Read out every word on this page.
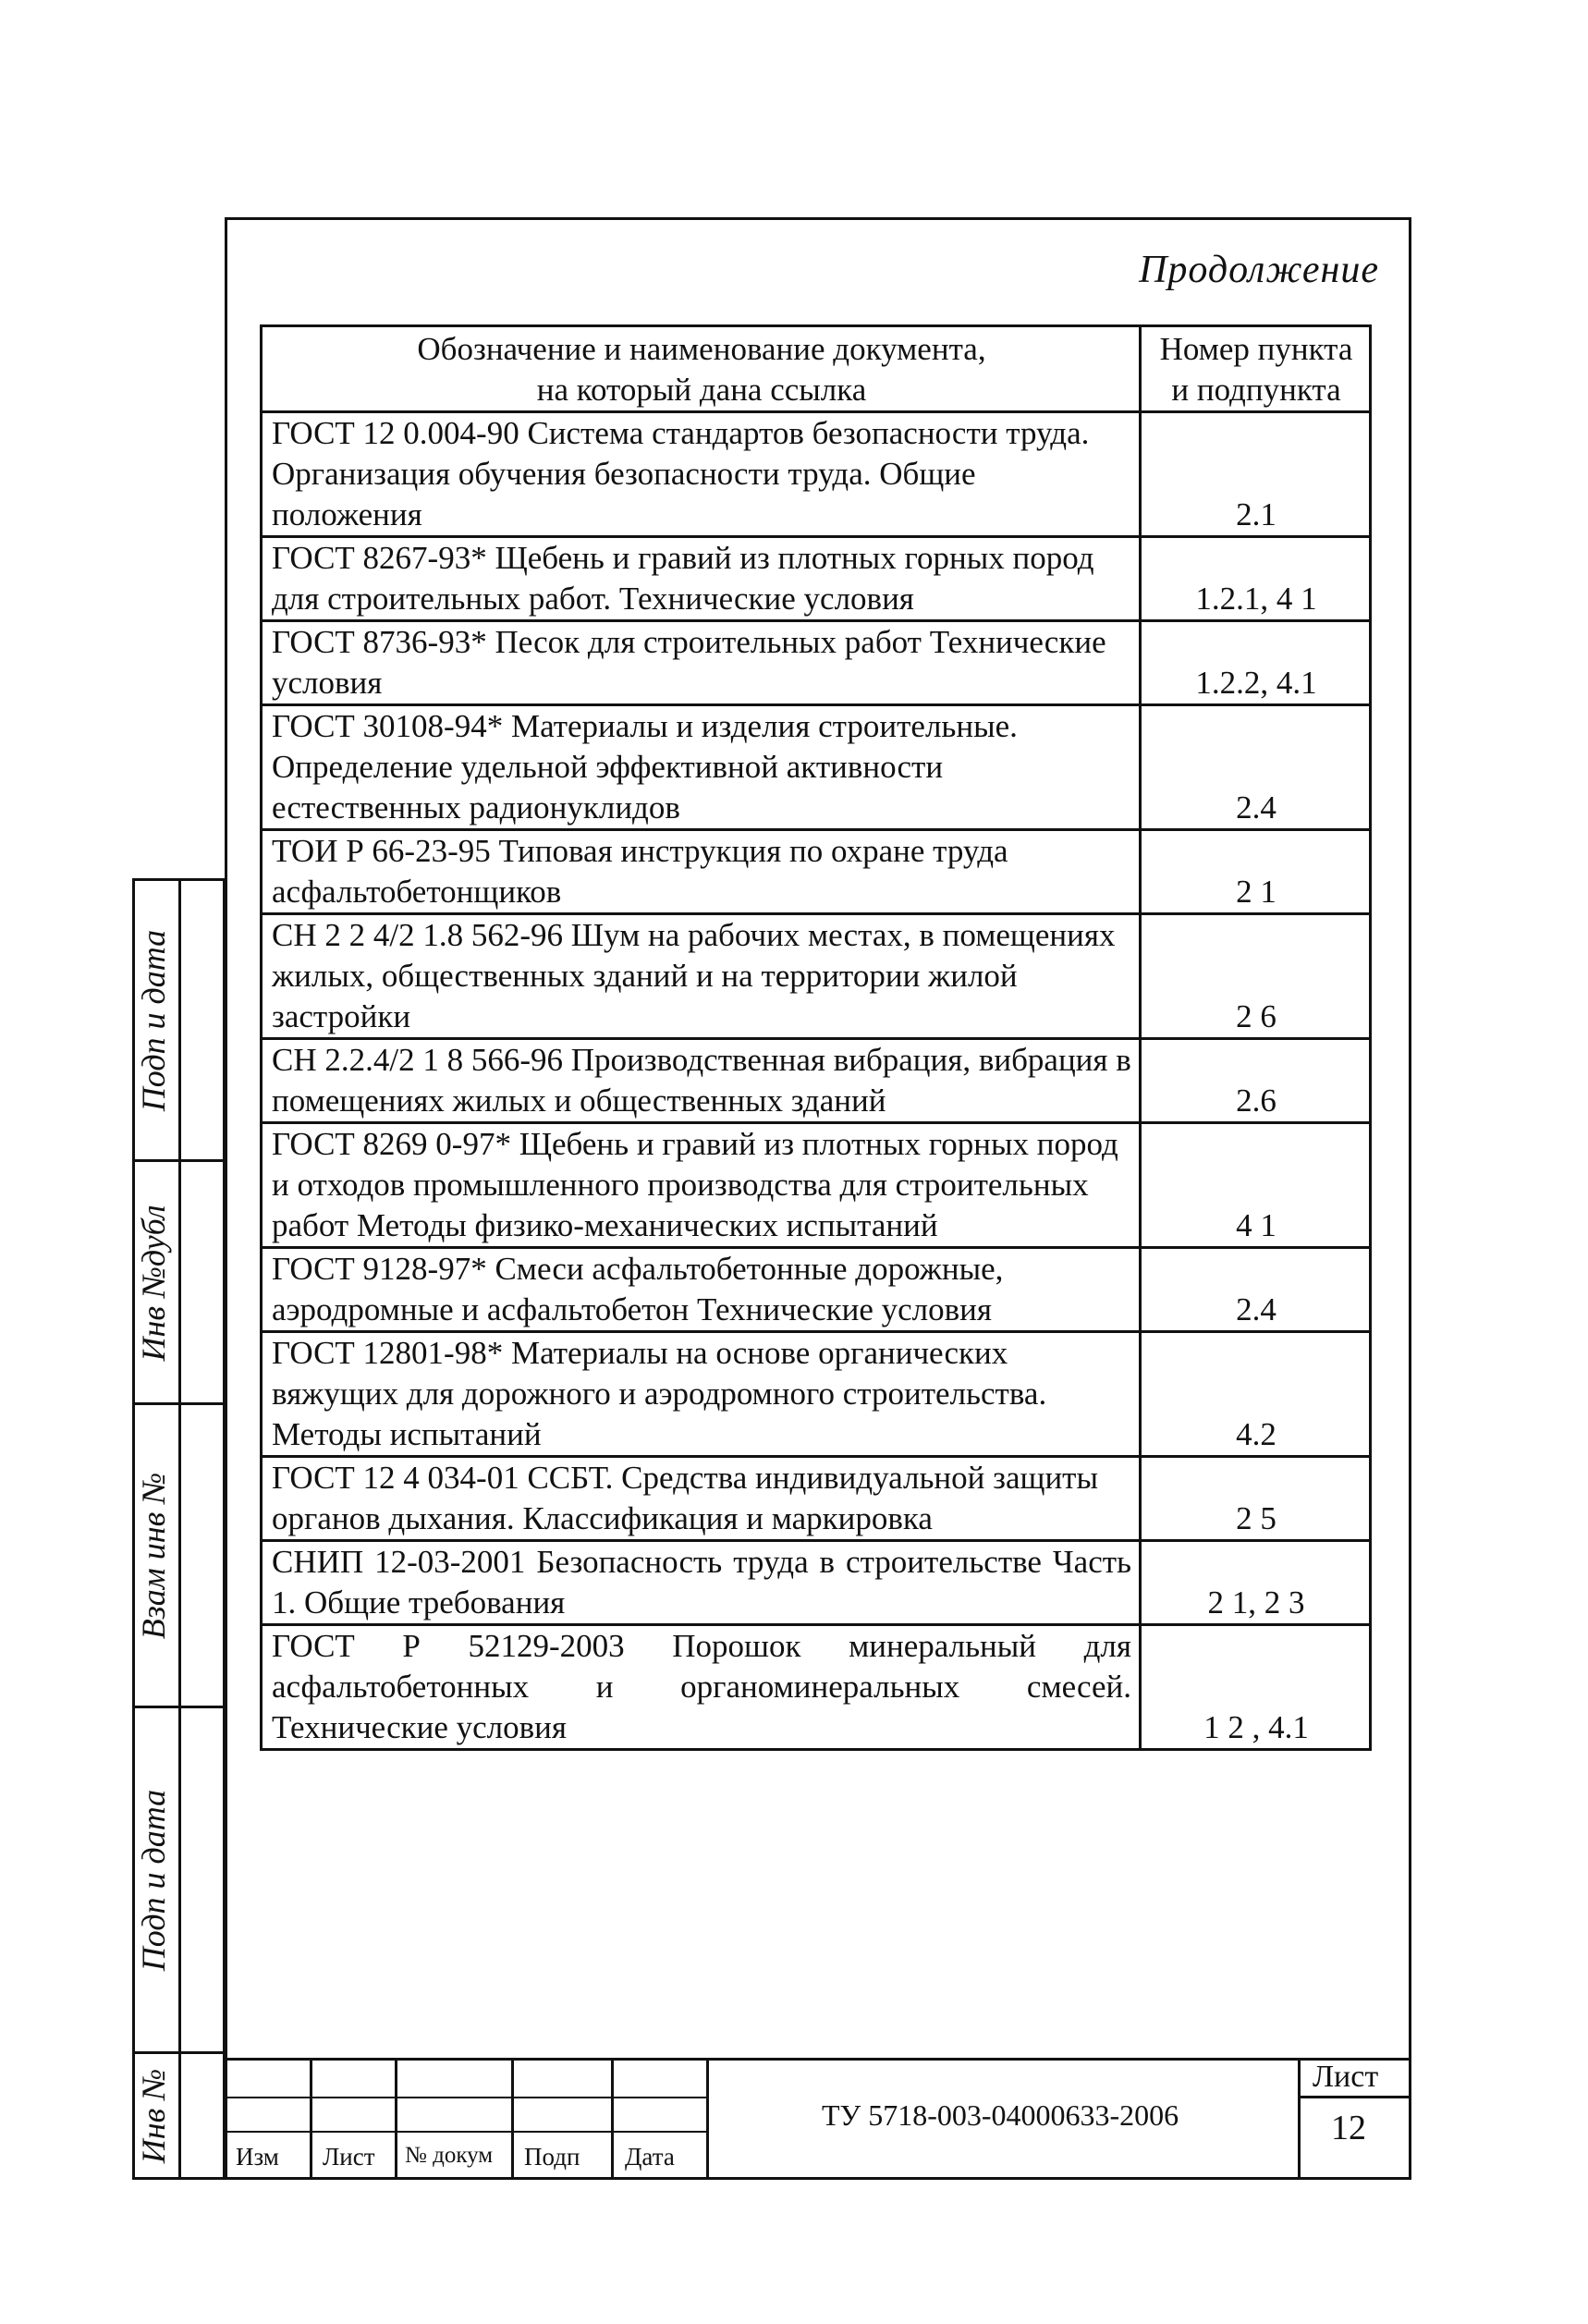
Продолжение
Обозначение и наименование документа,
на который дана ссылка	Номер пункта
и подпункта

ГОСТ 12 0.004-90 Система стандартов безопасности труда. Организация обучения безопасности труда. Общие положения	2.1
ГОСТ 8267-93* Щебень и гравий из плотных горных пород для строительных работ. Технические условия	1.2.1, 4 1
ГОСТ 8736-93* Песок для строительных работ Технические условия	1.2.2, 4.1
ГОСТ 30108-94* Материалы и изделия строительные. Определение удельной эффективной активности естественных радионуклидов	2.4
ТОИ Р 66-23-95 Типовая инструкция по охране труда асфальтобетонщиков	2 1
СН 2 2 4/2 1.8 562-96 Шум на рабочих местах, в помещениях жилых, общественных зданий и на территории жилой застройки	2 6
СН 2.2.4/2 1 8 566-96 Производственная вибрация, вибрация в помещениях жилых и общественных зданий	2.6
ГОСТ 8269 0-97* Щебень и гравий из плотных горных пород и отходов промышленного производства для строительных работ Методы физико-механических испытаний	4 1
ГОСТ 9128-97* Смеси асфальтобетонные дорожные, аэродромные и асфальтобетон Технические условия	2.4
ГОСТ 12801-98* Материалы на основе органических вяжущих для дорожного и аэродромного строительства. Методы испытаний	4.2
ГОСТ 12 4 034-01 ССБТ. Средства индивидуальной защиты органов дыхания. Классификация и маркировка	2 5
СНИП 12-03-2001 Безопасность труда в строительстве Часть 1. Общие требования	2 1, 2 3
ГОСТ Р 52129-2003 Порошок минеральный для асфальтобетонных и органоминеральных смесей. Технические условия	1 2 , 4.1
Подп и дата
Инв №дубл
Взам инв №
Подп и дата
Инв №	Изм Лист № докум Подп Дата
ТУ 5718-003-04000633-2006
Лист
12
